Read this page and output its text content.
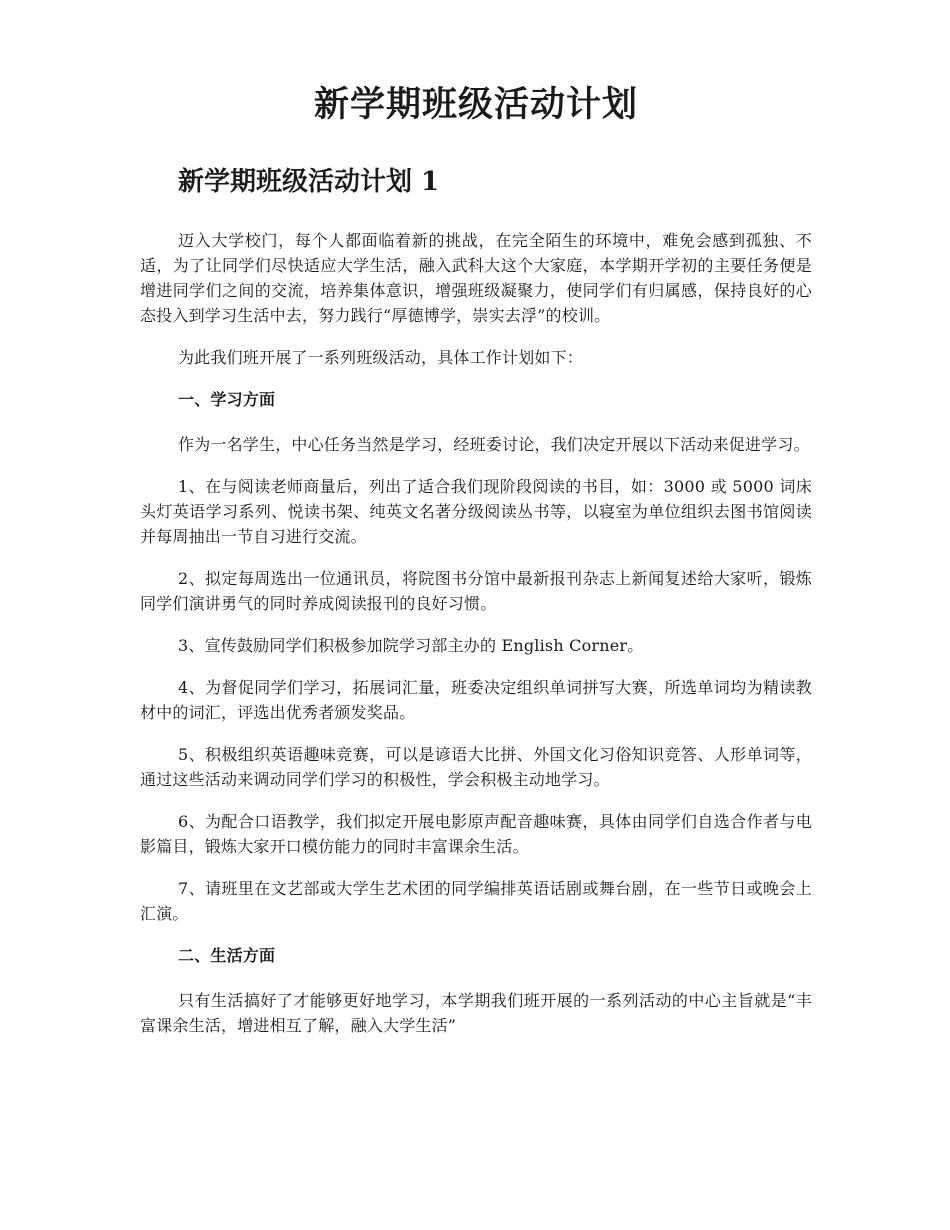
新学期班级活动计划
新学期班级活动计划 1

迈入大学校门，每个人都面临着新的挑战，在完全陌生的环境中，难免会感到孤独、不适，为了让同学们尽快适应大学生活，融入武科大这个大家庭，本学期开学初的主要任务便是增进同学们之间的交流，培养集体意识，增强班级凝聚力，使同学们有归属感，保持良好的心态投入到学习生活中去，努力践行“厚德博学，崇实去浮”的校训。

为此我们班开展了一系列班级活动，具体工作计划如下：

一、学习方面

作为一名学生，中心任务当然是学习，经班委讨论，我们决定开展以下活动来促进学习。

1、在与阅读老师商量后，列出了适合我们现阶段阅读的书目，如：3000 或 5000 词床头灯英语学习系列、悦读书架、纯英文名著分级阅读丛书等，以寝室为单位组织去图书馆阅读并每周抽出一节自习进行交流。

2、拟定每周选出一位通讯员，将院图书分馆中最新报刊杂志上新闻复述给大家听，锻炼同学们演讲勇气的同时养成阅读报刊的良好习惯。

3、宣传鼓励同学们积极参加院学习部主办的 English Corner。

4、为督促同学们学习，拓展词汇量，班委决定组织单词拼写大赛，所选单词均为精读教材中的词汇，评选出优秀者颁发奖品。

5、积极组织英语趣味竞赛，可以是谚语大比拼、外国文化习俗知识竞答、人形单词等，通过这些活动来调动同学们学习的积极性，学会积极主动地学习。

6、为配合口语教学，我们拟定开展电影原声配音趣味赛，具体由同学们自选合作者与电影篇目，锻炼大家开口模仿能力的同时丰富课余生活。

7、请班里在文艺部或大学生艺术团的同学编排英语话剧或舞台剧，在一些节日或晚会上汇演。

二、生活方面

只有生活搞好了才能够更好地学习，本学期我们班开展的一系列活动的中心主旨就是“丰富课余生活，增进相互了解，融入大学生活”
